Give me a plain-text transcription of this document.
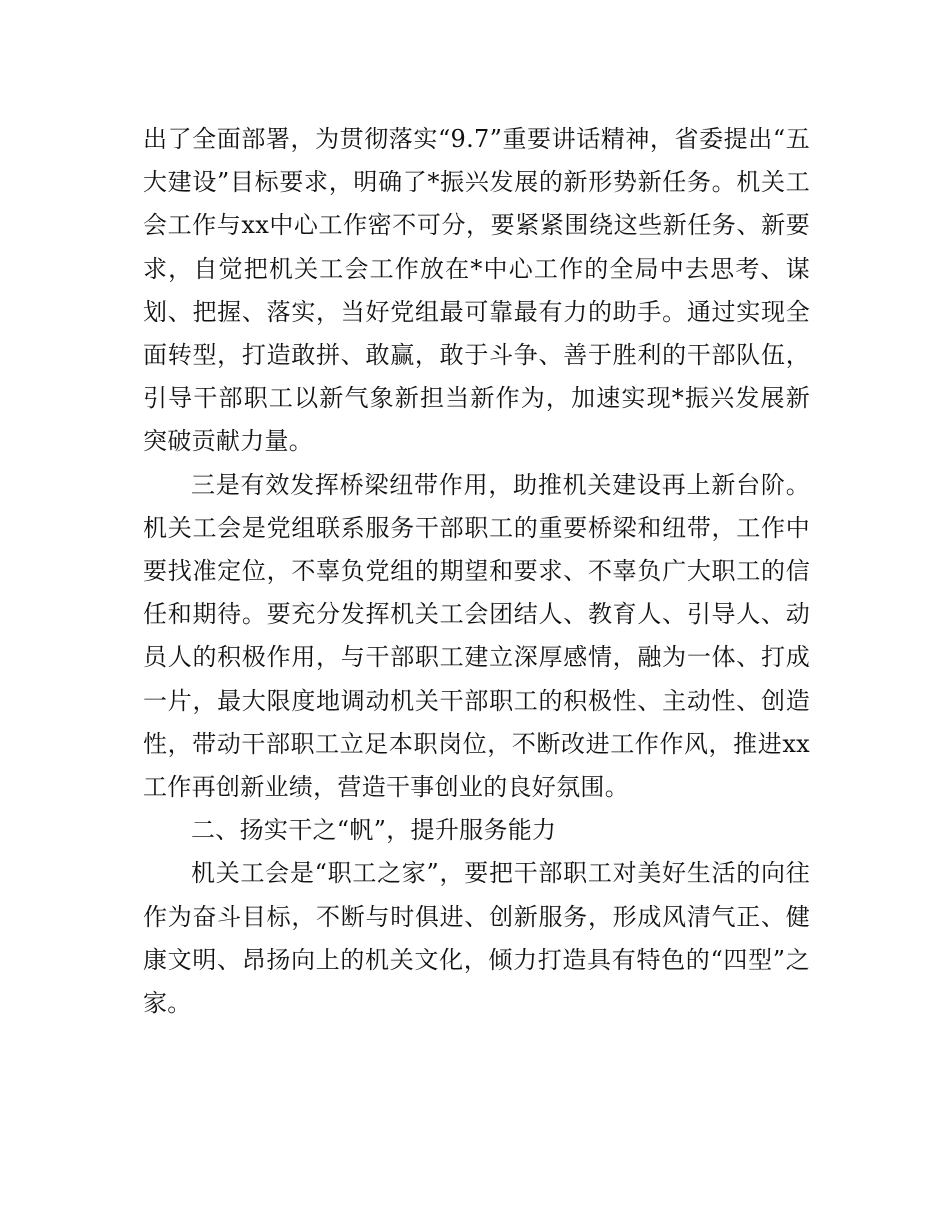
出了全面部署，为贯彻落实“9.7”重要讲话精神，省委提出“五大建设”目标要求，明确了*振兴发展的新形势新任务。机关工会工作与xx中心工作密不可分，要紧紧围绕这些新任务、新要求，自觉把机关工会工作放在*中心工作的全局中去思考、谋划、把握、落实，当好党组最可靠最有力的助手。通过实现全面转型，打造敢拼、敢赢，敢于斗争、善于胜利的干部队伍，引导干部职工以新气象新担当新作为，加速实现*振兴发展新突破贡献力量。

三是有效发挥桥梁纽带作用，助推机关建设再上新台阶。机关工会是党组联系服务干部职工的重要桥梁和纽带，工作中要找准定位，不辜负党组的期望和要求、不辜负广大职工的信任和期待。要充分发挥机关工会团结人、教育人、引导人、动员人的积极作用，与干部职工建立深厚感情，融为一体、打成一片，最大限度地调动机关干部职工的积极性、主动性、创造性，带动干部职工立足本职岗位，不断改进工作作风，推进xx工作再创新业绩，营造干事创业的良好氛围。

二、扬实干之“帆”，提升服务能力

机关工会是“职工之家”，要把干部职工对美好生活的向往作为奋斗目标，不断与时俱进、创新服务，形成风清气正、健康文明、昂扬向上的机关文化，倾力打造具有特色的“四型”之家。
